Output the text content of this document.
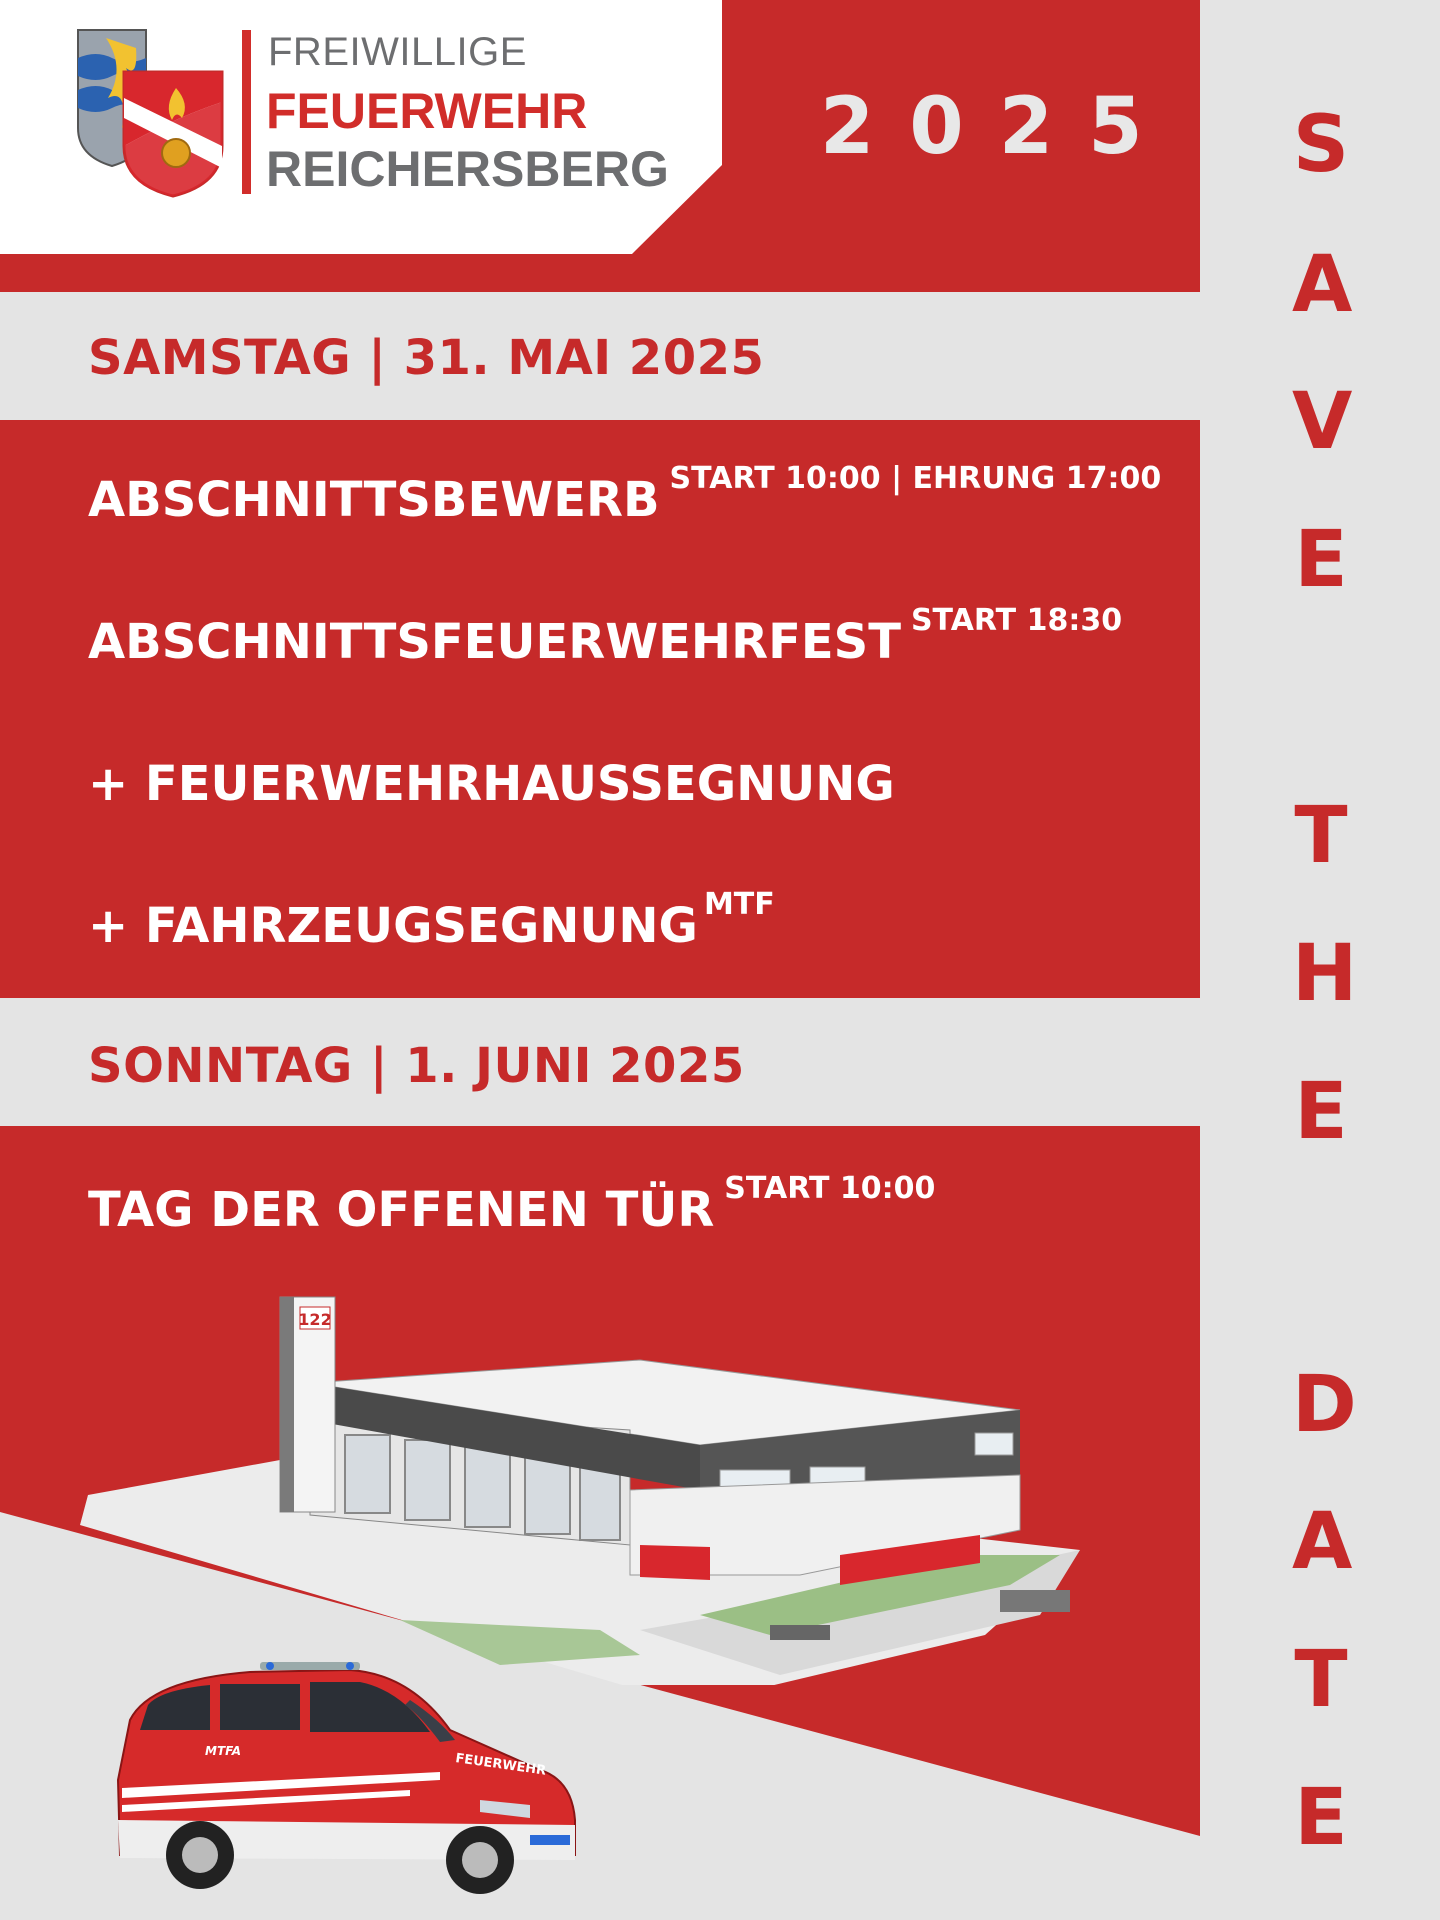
FREIWILLIGE
FEUERWEHR
REICHERSBERG 2 0 2 5
SAMSTAG | 31. MAI 2025
ABSCHNITTSBEWERB $^{START 10:00 | EHRUNG 17:00}$
ABSCHNITTSFEUERWEHRFEST $^{START 18:30}$
+ FEUERWEHRHAUSSEGNUNG
+ FAHRZEUGSEGNUNG $^{MTF}$
SONNTAG | 1. JUNI 2025
TAG DER OFFENEN TÜR $^{START 10:00}$
122
MTFA
FEUERWEHR
S
A
V
E
T
H
E
D
A
T
E
